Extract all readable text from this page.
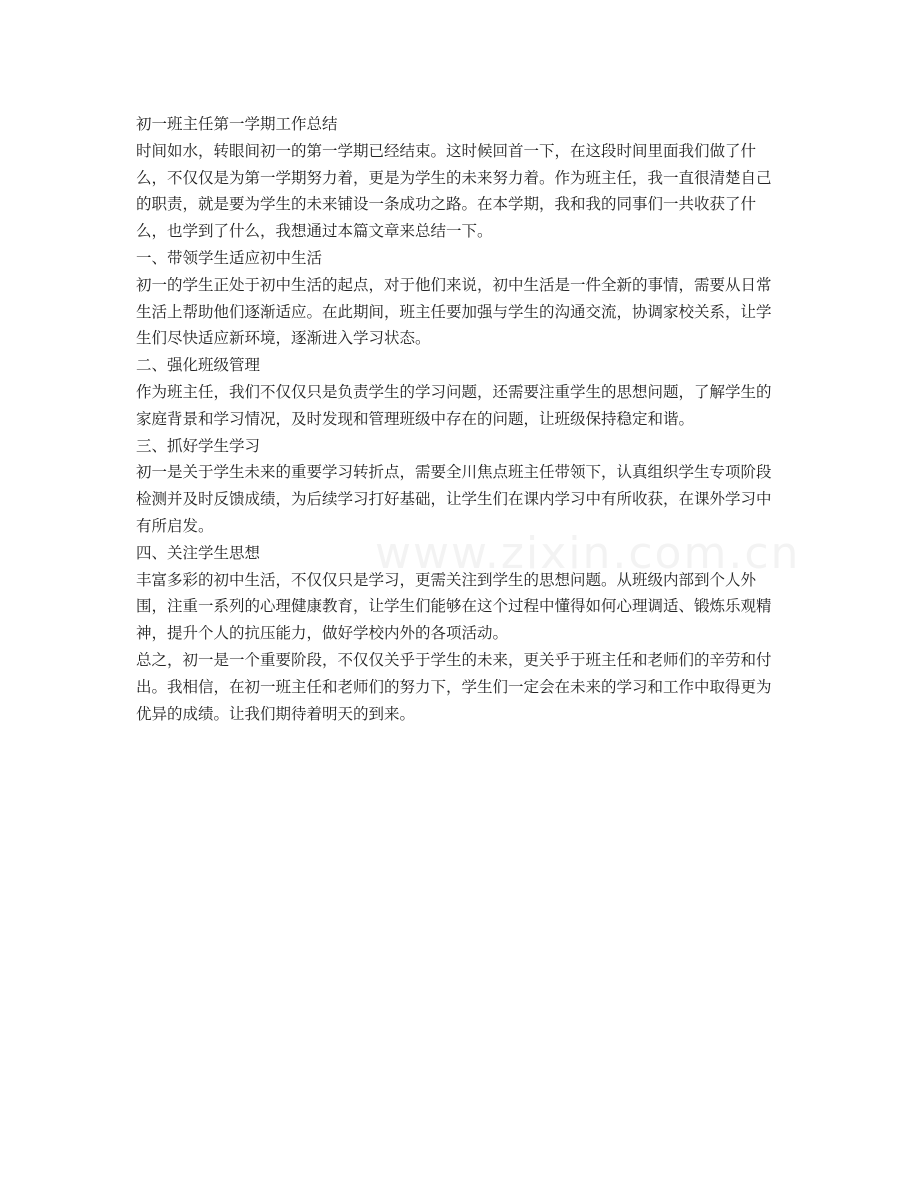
www.zixin.com.cn

初一班主任第一学期工作总结

时间如水，转眼间初一的第一学期已经结束。这时候回首一下，在这段时间里面我们做了什么，不仅仅是为第一学期努力着，更是为学生的未来努力着。作为班主任，我一直很清楚自己的职责，就是要为学生的未来铺设一条成功之路。在本学期，我和我的同事们一共收获了什么，也学到了什么，我想通过本篇文章来总结一下。

一、带领学生适应初中生活

初一的学生正处于初中生活的起点，对于他们来说，初中生活是一件全新的事情，需要从日常生活上帮助他们逐渐适应。在此期间，班主任要加强与学生的沟通交流，协调家校关系，让学生们尽快适应新环境，逐渐进入学习状态。

二、强化班级管理

作为班主任，我们不仅仅只是负责学生的学习问题，还需要注重学生的思想问题，了解学生的家庭背景和学习情况，及时发现和管理班级中存在的问题，让班级保持稳定和谐。

三、抓好学生学习

初一是关于学生未来的重要学习转折点，需要全川焦点班主任带领下，认真组织学生专项阶段检测并及时反馈成绩，为后续学习打好基础，让学生们在课内学习中有所收获，在课外学习中有所启发。

四、关注学生思想

丰富多彩的初中生活，不仅仅只是学习，更需关注到学生的思想问题。从班级内部到个人外围，注重一系列的心理健康教育，让学生们能够在这个过程中懂得如何心理调适、锻炼乐观精神，提升个人的抗压能力，做好学校内外的各项活动。

总之，初一是一个重要阶段，不仅仅关乎于学生的未来，更关乎于班主任和老师们的辛劳和付出。我相信，在初一班主任和老师们的努力下，学生们一定会在未来的学习和工作中取得更为优异的成绩。让我们期待着明天的到来。
